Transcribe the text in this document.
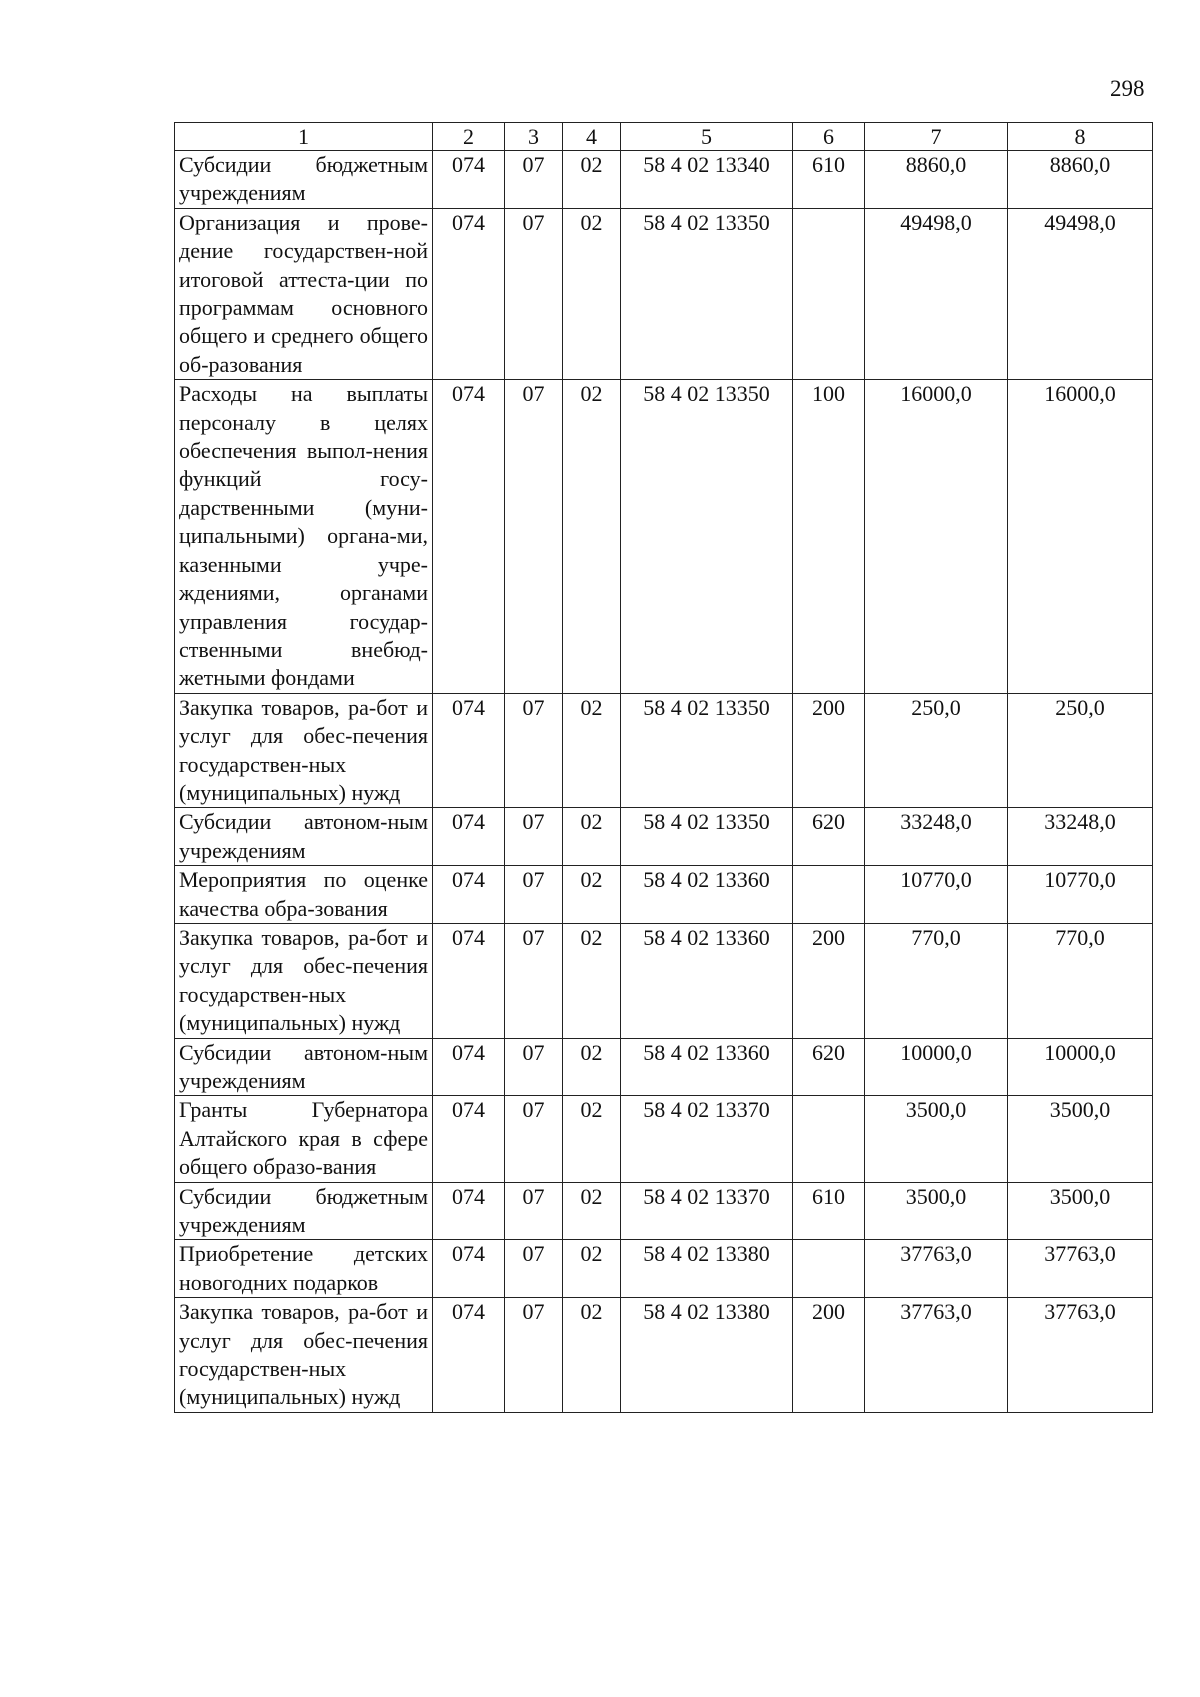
298
1	2	3	4	5	6	7	8
Субсидии бюджетным учреждениям	074	07	02	58 4 02 13340	610	8860,0	8860,0
Организация и прове-дение государствен-ной итоговой аттеста-ции по программам основного общего и среднего общего об-разования	074	07	02	58 4 02 13350		49498,0	49498,0
Расходы на выплаты персоналу в целях обеспечения выпол-нения функций госу-дарственными (муни-ципальными) органа-ми, казенными учре-ждениями, органами управления государ-ственными внебюд-жетными фондами	074	07	02	58 4 02 13350	100	16000,0	16000,0
Закупка товаров, ра-бот и услуг для обес-печения государствен-ных (муниципальных) нужд	074	07	02	58 4 02 13350	200	250,0	250,0
Субсидии автоном-ным учреждениям	074	07	02	58 4 02 13350	620	33248,0	33248,0
Мероприятия по оценке качества обра-зования	074	07	02	58 4 02 13360		10770,0	10770,0
Закупка товаров, ра-бот и услуг для обес-печения государствен-ных (муниципальных) нужд	074	07	02	58 4 02 13360	200	770,0	770,0
Субсидии автоном-ным учреждениям	074	07	02	58 4 02 13360	620	10000,0	10000,0
Гранты Губернатора Алтайского края в сфере общего образо-вания	074	07	02	58 4 02 13370		3500,0	3500,0
Субсидии бюджетным учреждениям	074	07	02	58 4 02 13370	610	3500,0	3500,0
Приобретение детских новогодних подарков	074	07	02	58 4 02 13380		37763,0	37763,0
Закупка товаров, ра-бот и услуг для обес-печения государствен-ных (муниципальных) нужд	074	07	02	58 4 02 13380	200	37763,0	37763,0
